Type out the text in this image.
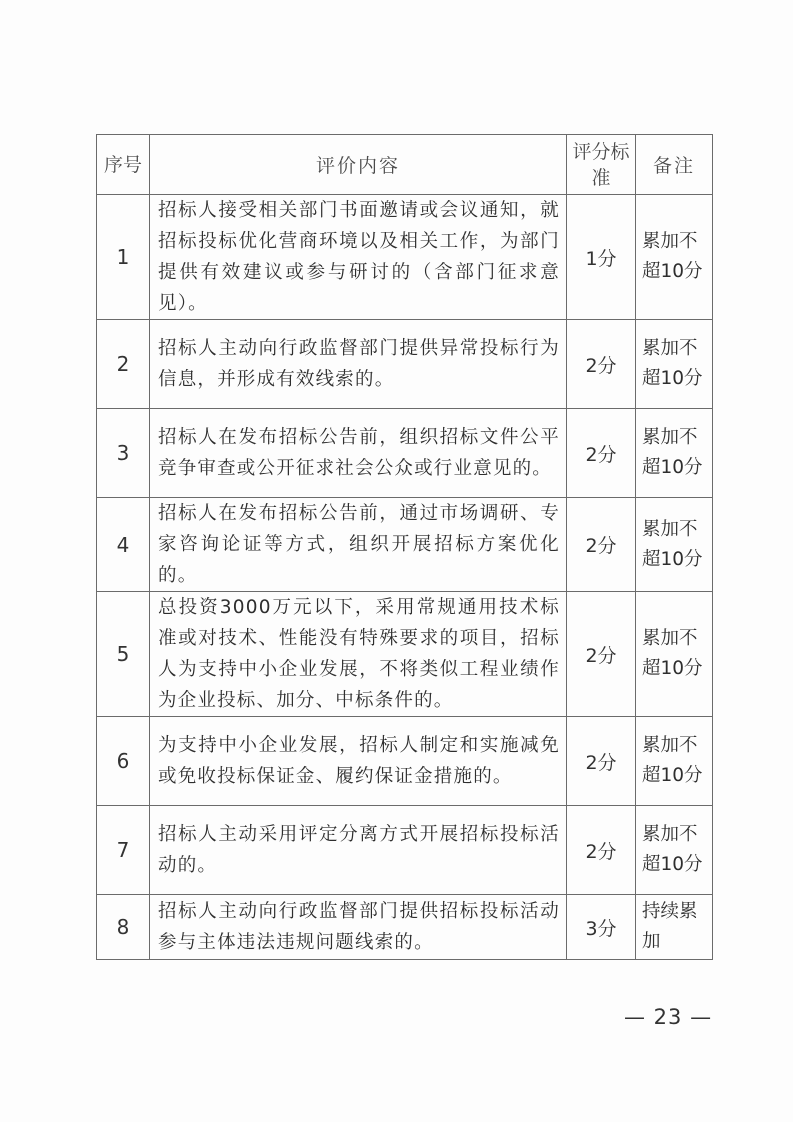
序号	评价内容	评分标准	备注
1	招标人接受相关部门书面邀请或会议通知，就招标投标优化营商环境以及相关工作，为部门提供有效建议或参与研讨的（含部门征求意见）。	1分	累加不超10分
2	招标人主动向行政监督部门提供异常投标行为信息，并形成有效线索的。	2分	累加不超10分
3	招标人在发布招标公告前，组织招标文件公平竞争审查或公开征求社会公众或行业意见的。	2分	累加不超10分
4	招标人在发布招标公告前，通过市场调研、专家咨询论证等方式，组织开展招标方案优化的。	2分	累加不超10分
5	总投资3000万元以下，采用常规通用技术标准或对技术、性能没有特殊要求的项目，招标人为支持中小企业发展，不将类似工程业绩作为企业投标、加分、中标条件的。	2分	累加不超10分
6	为支持中小企业发展，招标人制定和实施减免或免收投标保证金、履约保证金措施的。	2分	累加不超10分
7	招标人主动采用评定分离方式开展招标投标活动的。	2分	累加不超10分
8	招标人主动向行政监督部门提供招标投标活动参与主体违法违规问题线索的。	3分	持续累加
— 23 —
